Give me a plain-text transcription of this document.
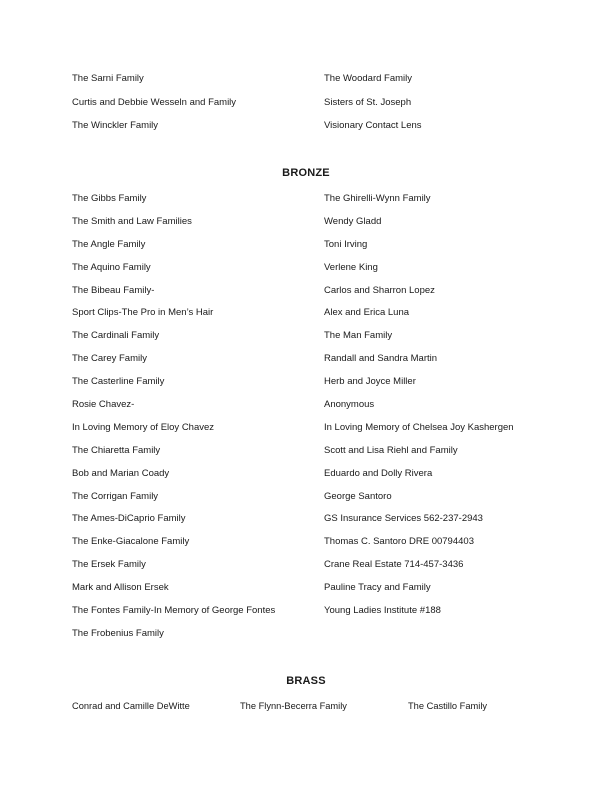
The Sarni Family
Curtis and Debbie Wesseln and Family
The Winckler Family
The Woodard Family
Sisters of St. Joseph
Visionary Contact Lens
BRONZE
The Gibbs Family
The Smith and Law Families
The Angle Family
The Aquino Family
The Bibeau Family-
Sport Clips-The Pro in Men’s Hair
The Cardinali Family
The Carey Family
The Casterline Family
Rosie Chavez-
In Loving Memory of Eloy Chavez
The Chiaretta Family
Bob and Marian Coady
The Corrigan Family
The Ames-DiCaprio Family
The Enke-Giacalone Family
The Ersek Family
Mark and Allison Ersek
The Fontes Family-In Memory of George Fontes
The Frobenius Family
The Ghirelli-Wynn Family
Wendy Gladd
Toni Irving
Verlene King
Carlos and Sharron Lopez
Alex and Erica Luna
The Man Family
Randall and Sandra Martin
Herb and Joyce Miller
Anonymous
In Loving Memory of Chelsea Joy Kashergen
Scott and Lisa Riehl and Family
Eduardo and Dolly Rivera
George Santoro
GS Insurance Services 562-237-2943
Thomas C. Santoro DRE 00794403
Crane Real Estate 714-457-3436
Pauline Tracy and Family
Young Ladies Institute #188
BRASS
Conrad and Camille DeWitte	The Flynn-Becerra Family	The Castillo Family
